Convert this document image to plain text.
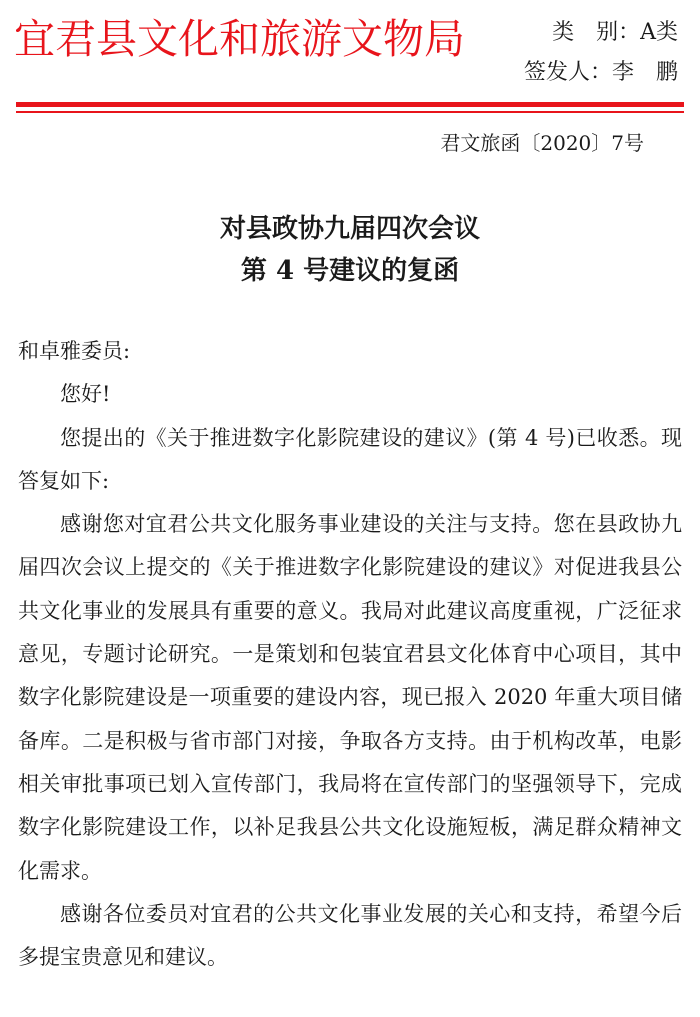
宜君县文化和旅游文物局	类　别：A类
签发人：李　鹏
君文旅函〔2020〕7号
对县政协九届四次会议
第 4 号建议的复函

和卓雅委员:

您好!

您提出的《关于推进数字化影院建设的建议》(第 4 号)已收悉。现答复如下:

感谢您对宜君公共文化服务事业建设的关注与支持。您在县政协九届四次会议上提交的《关于推进数字化影院建设的建议》对促进我县公共文化事业的发展具有重要的意义。我局对此建议高度重视，广泛征求意见，专题讨论研究。一是策划和包装宜君县文化体育中心项目，其中数字化影院建设是一项重要的建设内容，现已报入 2020 年重大项目储备库。二是积极与省市部门对接，争取各方支持。由于机构改革，电影相关审批事项已划入宣传部门，我局将在宣传部门的坚强领导下，完成数字化影院建设工作，以补足我县公共文化设施短板，满足群众精神文化需求。

感谢各位委员对宜君的公共文化事业发展的关心和支持，希望今后多提宝贵意见和建议。
